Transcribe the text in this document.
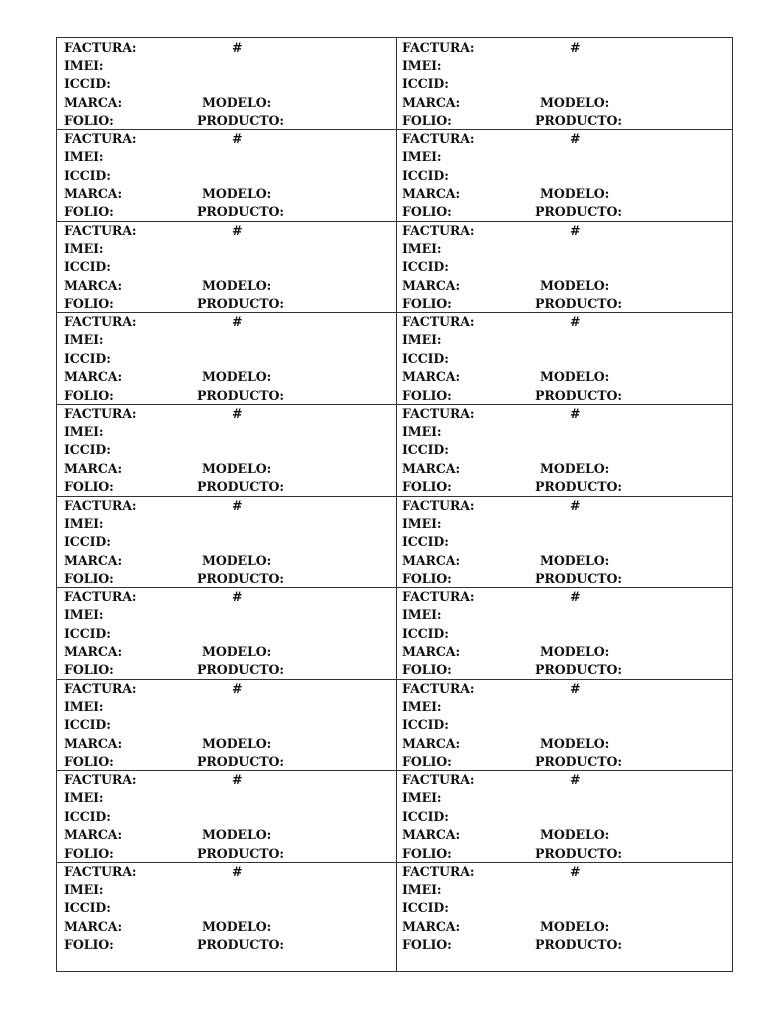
FACTURA:
IMEI:
ICCID:
MARCA:
FOLIO:
#
MODELO:
PRODUCTO:
FACTURA:
IMEI:
ICCID:
MARCA:
FOLIO:
#
MODELO:
PRODUCTO:
FACTURA:
IMEI:
ICCID:
MARCA:
FOLIO:
#
MODELO:
PRODUCTO:
FACTURA:
IMEI:
ICCID:
MARCA:
FOLIO:
#
MODELO:
PRODUCTO:
FACTURA:
IMEI:
ICCID:
MARCA:
FOLIO:
#
MODELO:
PRODUCTO:
FACTURA:
IMEI:
ICCID:
MARCA:
FOLIO:
#
MODELO:
PRODUCTO:
FACTURA:
IMEI:
ICCID:
MARCA:
FOLIO:
#
MODELO:
PRODUCTO:
FACTURA:
IMEI:
ICCID:
MARCA:
FOLIO:
#
MODELO:
PRODUCTO:
FACTURA:
IMEI:
ICCID:
MARCA:
FOLIO:
#
MODELO:
PRODUCTO:
FACTURA:
IMEI:
ICCID:
MARCA:
FOLIO:
#
MODELO:
PRODUCTO:
FACTURA:
IMEI:
ICCID:
MARCA:
FOLIO:
#
MODELO:
PRODUCTO:
FACTURA:
IMEI:
ICCID:
MARCA:
FOLIO:
#
MODELO:
PRODUCTO:
FACTURA:
IMEI:
ICCID:
MARCA:
FOLIO:
#
MODELO:
PRODUCTO:
FACTURA:
IMEI:
ICCID:
MARCA:
FOLIO:
#
MODELO:
PRODUCTO:
FACTURA:
IMEI:
ICCID:
MARCA:
FOLIO:
#
MODELO:
PRODUCTO:
FACTURA:
IMEI:
ICCID:
MARCA:
FOLIO:
#
MODELO:
PRODUCTO:
FACTURA:
IMEI:
ICCID:
MARCA:
FOLIO:
#
MODELO:
PRODUCTO:
FACTURA:
IMEI:
ICCID:
MARCA:
FOLIO:
#
MODELO:
PRODUCTO:
FACTURA:
IMEI:
ICCID:
MARCA:
FOLIO:
#
MODELO:
PRODUCTO:
FACTURA:
IMEI:
ICCID:
MARCA:
FOLIO:
#
MODELO:
PRODUCTO:
